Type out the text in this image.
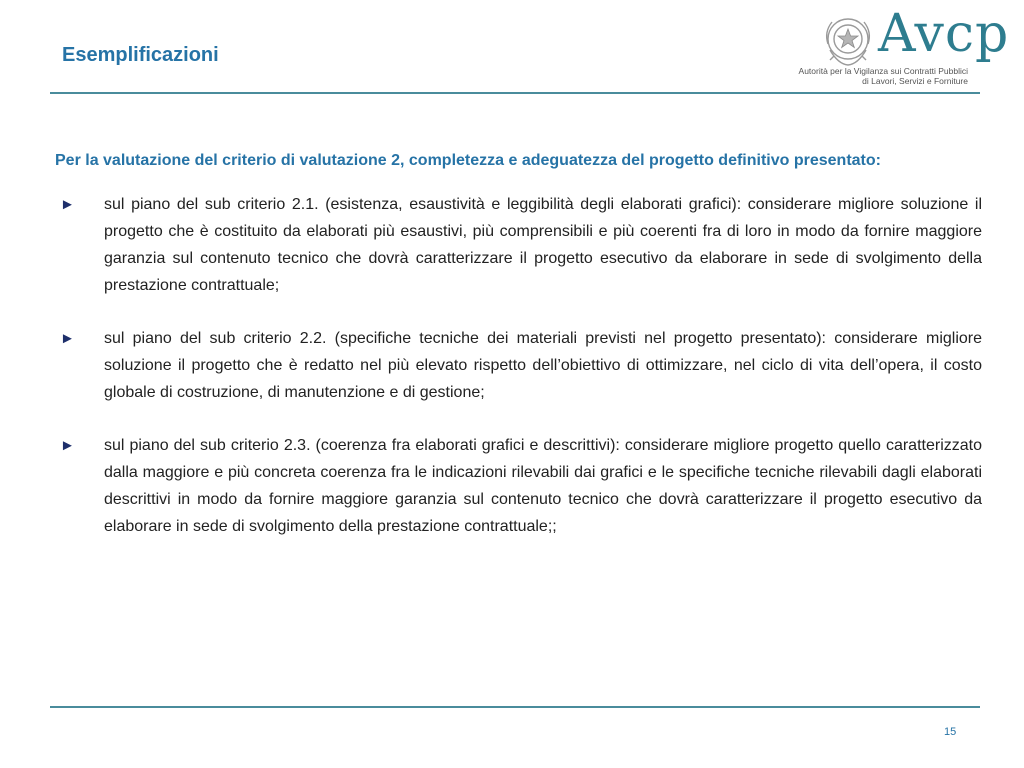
Esemplificazioni	Avcp
Autorità per la Vigilanza sui Contratti Pubblici
di Lavori, Servizi e Forniture

Per la valutazione del criterio di valutazione 2, completezza e adeguatezza del progetto definitivo presentato:

► sul piano del sub criterio 2.1. (esistenza, esaustività e leggibilità degli elaborati grafici): considerare migliore soluzione il progetto che è costituito da elaborati più esaustivi, più comprensibili e più coerenti fra di loro in modo da fornire maggiore garanzia sul contenuto tecnico che dovrà caratterizzare il progetto esecutivo da elaborare in sede di svolgimento della prestazione contrattuale;
► sul piano del sub criterio 2.2. (specifiche tecniche dei materiali previsti nel progetto presentato): considerare migliore soluzione il progetto che è redatto nel più elevato rispetto dell’obiettivo di ottimizzare, nel ciclo di vita dell’opera, il costo globale di costruzione, di manutenzione e di gestione;
► sul piano del sub criterio 2.3. (coerenza fra elaborati grafici e descrittivi): considerare migliore progetto quello caratterizzato dalla maggiore e più concreta coerenza fra le indicazioni rilevabili dai grafici e le specifiche tecniche rilevabili dagli elaborati descrittivi in modo da fornire maggiore garanzia sul contenuto tecnico che dovrà caratterizzare il progetto esecutivo da elaborare in sede di svolgimento della prestazione contrattuale;;
15
